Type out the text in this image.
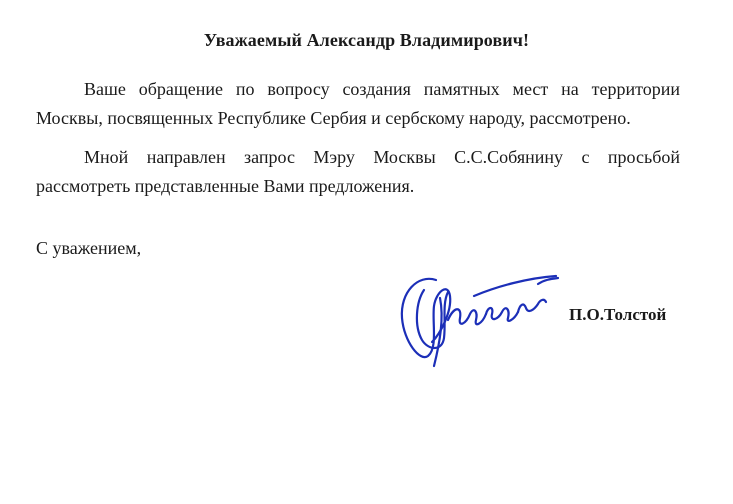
Уважаемый Александр Владимирович!

Ваше обращение по вопросу создания памятных мест на территории Москвы, посвященных Республике Сербия и сербскому народу, рассмотрено.

Мной направлен запрос Мэру Москвы С.С.Собянину с просьбой рассмотреть представленные Вами предложения.

С уважением,
П.О.Толстой
